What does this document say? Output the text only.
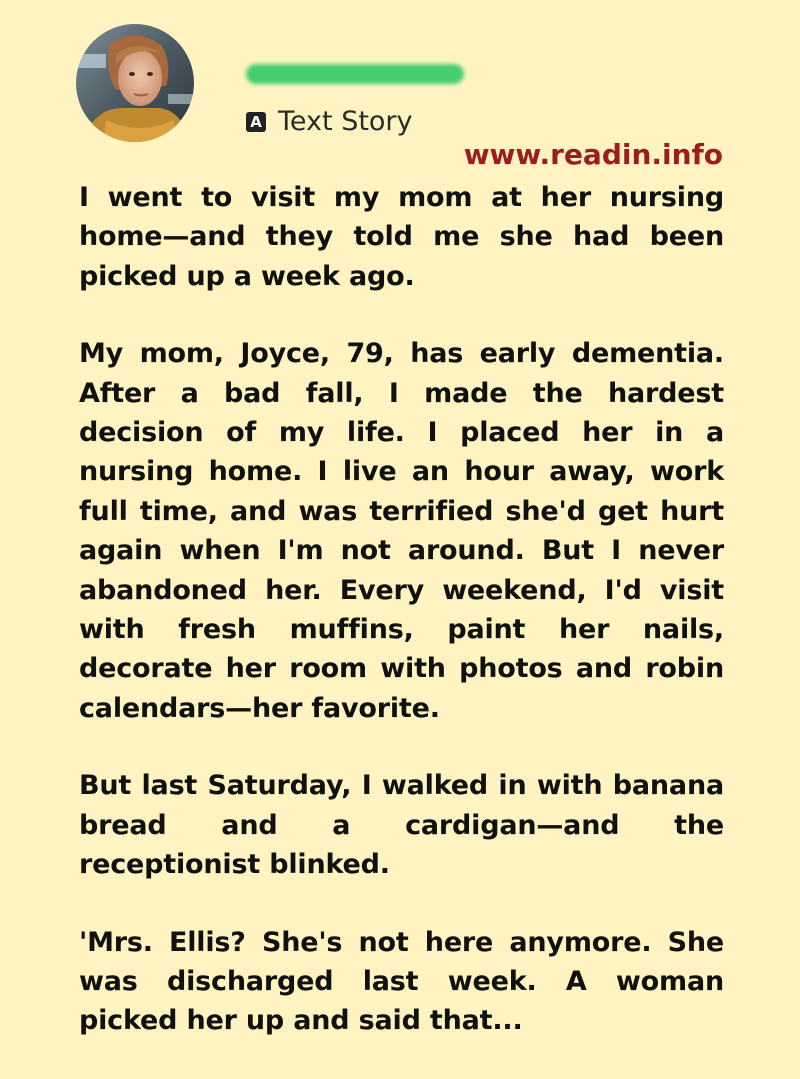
A Text Story
www.readin.info

I went to visit my mom at her nursing home—and they told me she had been picked up a week ago.

My mom, Joyce, 79, has early dementia. After a bad fall, I made the hardest decision of my life. I placed her in a nursing home. I live an hour away, work full time, and was terrified she'd get hurt again when I'm not around. But I never abandoned her. Every weekend, I'd visit with fresh muffins, paint her nails, decorate her room with photos and robin calendars—her favorite.

But last Saturday, I walked in with banana bread and a cardigan—and the receptionist blinked.

'Mrs. Ellis? She's not here anymore. She was discharged last week. A woman picked her up and said that...
